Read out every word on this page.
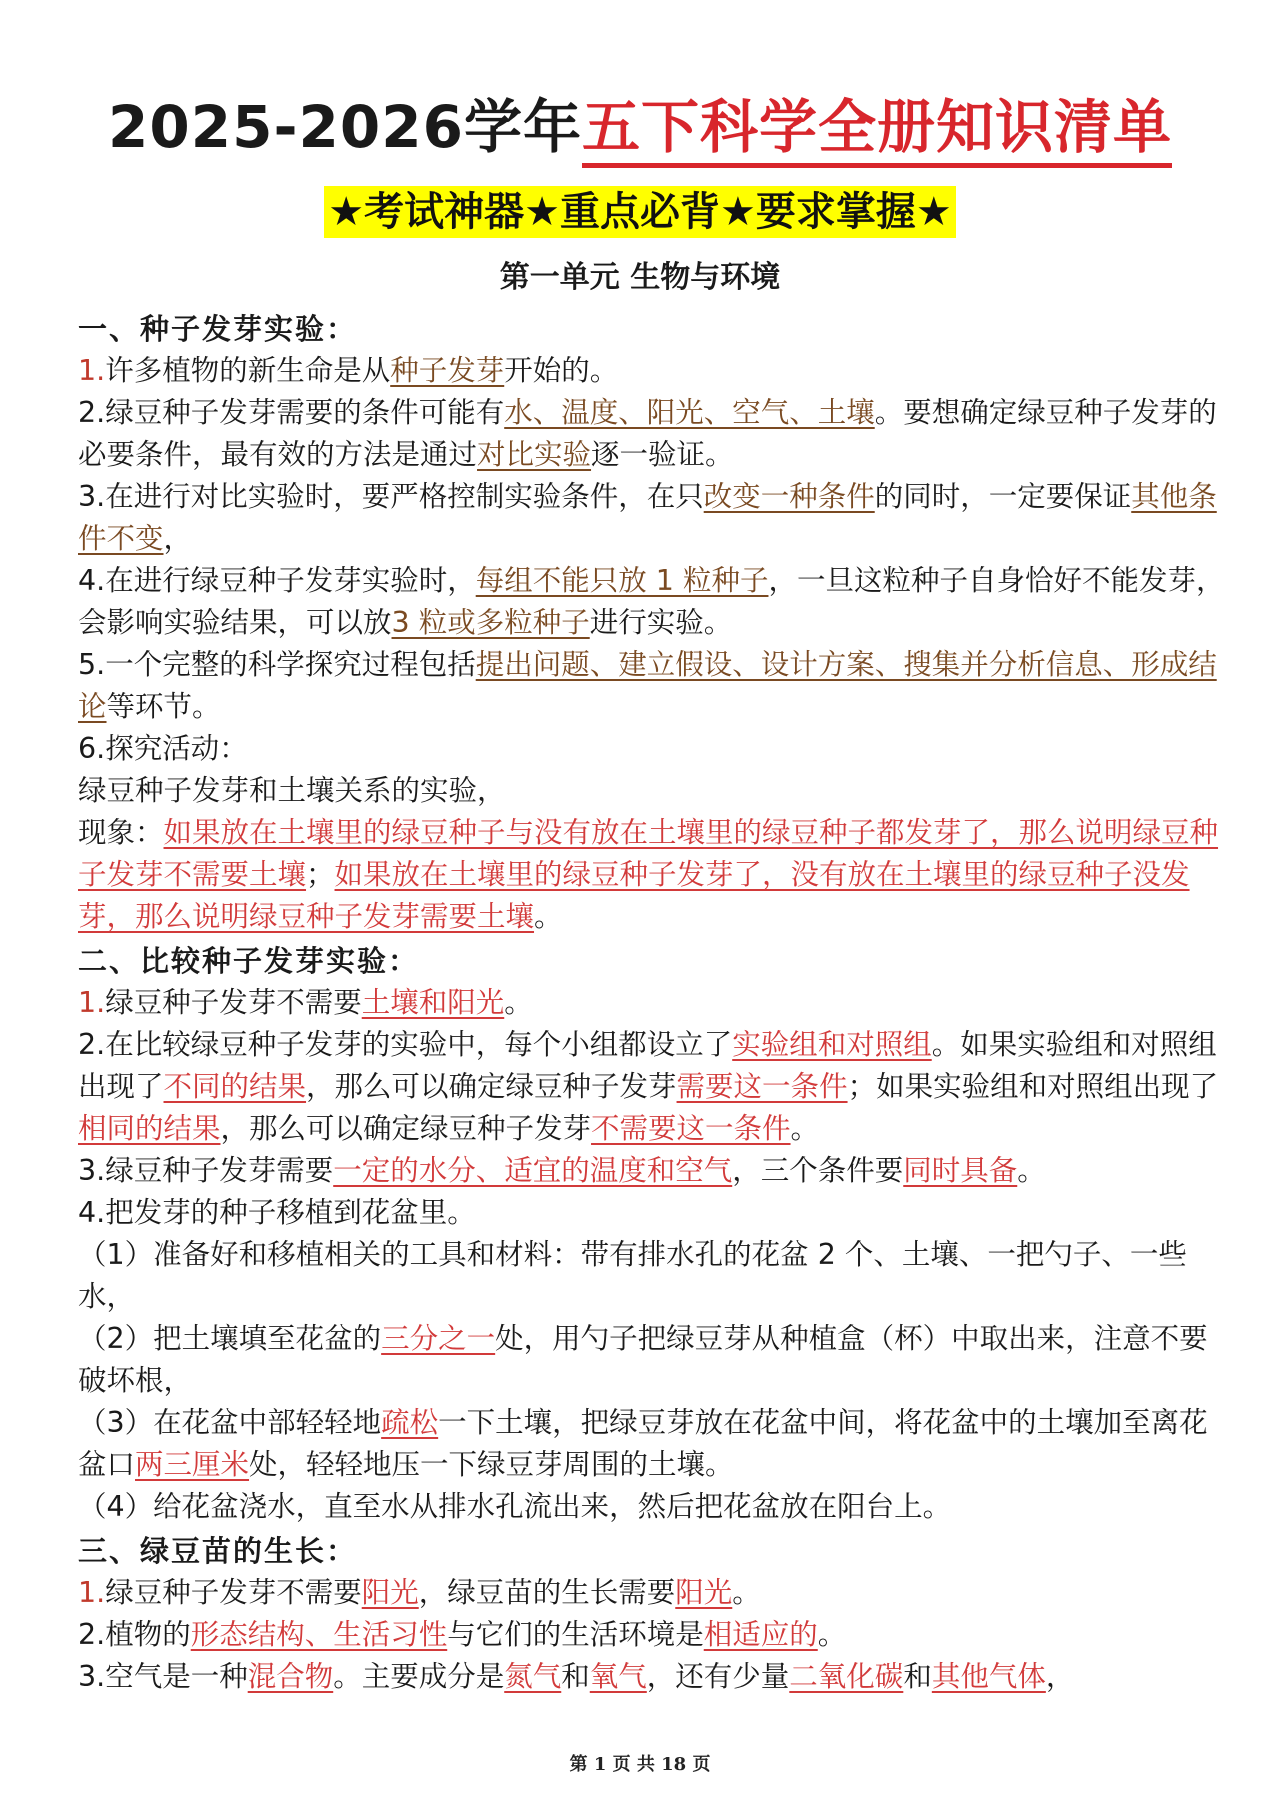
2025-2026学年五下科学全册知识清单
★考试神器★重点必背★要求掌握★
第一单元 生物与环境
一、种子发芽实验：

1.许多植物的新生命是从种子发芽开始的。

2.绿豆种子发芽需要的条件可能有水、温度、阳光、空气、土壤。要想确定绿豆种子发芽的必要条件，最有效的方法是通过对比实验逐一验证。

3.在进行对比实验时，要严格控制实验条件，在只改变一种条件的同时，一定要保证其他条件不变，

4.在进行绿豆种子发芽实验时，每组不能只放 1 粒种子，一旦这粒种子自身恰好不能发芽，会影响实验结果，可以放3 粒或多粒种子进行实验。

5.一个完整的科学探究过程包括提出问题、建立假设、设计方案、搜集并分析信息、形成结论等环节。

6.探究活动：

绿豆种子发芽和土壤关系的实验，

现象：如果放在土壤里的绿豆种子与没有放在土壤里的绿豆种子都发芽了，那么说明绿豆种子发芽不需要土壤；如果放在土壤里的绿豆种子发芽了，没有放在土壤里的绿豆种子没发芽，那么说明绿豆种子发芽需要土壤。

二、比较种子发芽实验：

1.绿豆种子发芽不需要土壤和阳光。

2.在比较绿豆种子发芽的实验中，每个小组都设立了实验组和对照组。如果实验组和对照组出现了不同的结果，那么可以确定绿豆种子发芽需要这一条件；如果实验组和对照组出现了相同的结果，那么可以确定绿豆种子发芽不需要这一条件。

3.绿豆种子发芽需要一定的水分、适宜的温度和空气，三个条件要同时具备。

4.把发芽的种子移植到花盆里。

（1）准备好和移植相关的工具和材料：带有排水孔的花盆 2 个、土壤、一把勺子、一些水，

（2）把土壤填至花盆的三分之一处，用勺子把绿豆芽从种植盒（杯）中取出来，注意不要破坏根，

（3）在花盆中部轻轻地疏松一下土壤，把绿豆芽放在花盆中间，将花盆中的土壤加至离花盆口两三厘米处，轻轻地压一下绿豆芽周围的土壤。

（4）给花盆浇水，直至水从排水孔流出来，然后把花盆放在阳台上。

三、绿豆苗的生长：

1.绿豆种子发芽不需要阳光，绿豆苗的生长需要阳光。

2.植物的形态结构、生活习性与它们的生活环境是相适应的。

3.空气是一种混合物。主要成分是氮气和氧气，还有少量二氧化碳和其他气体，

第 1 页 共 18 页
